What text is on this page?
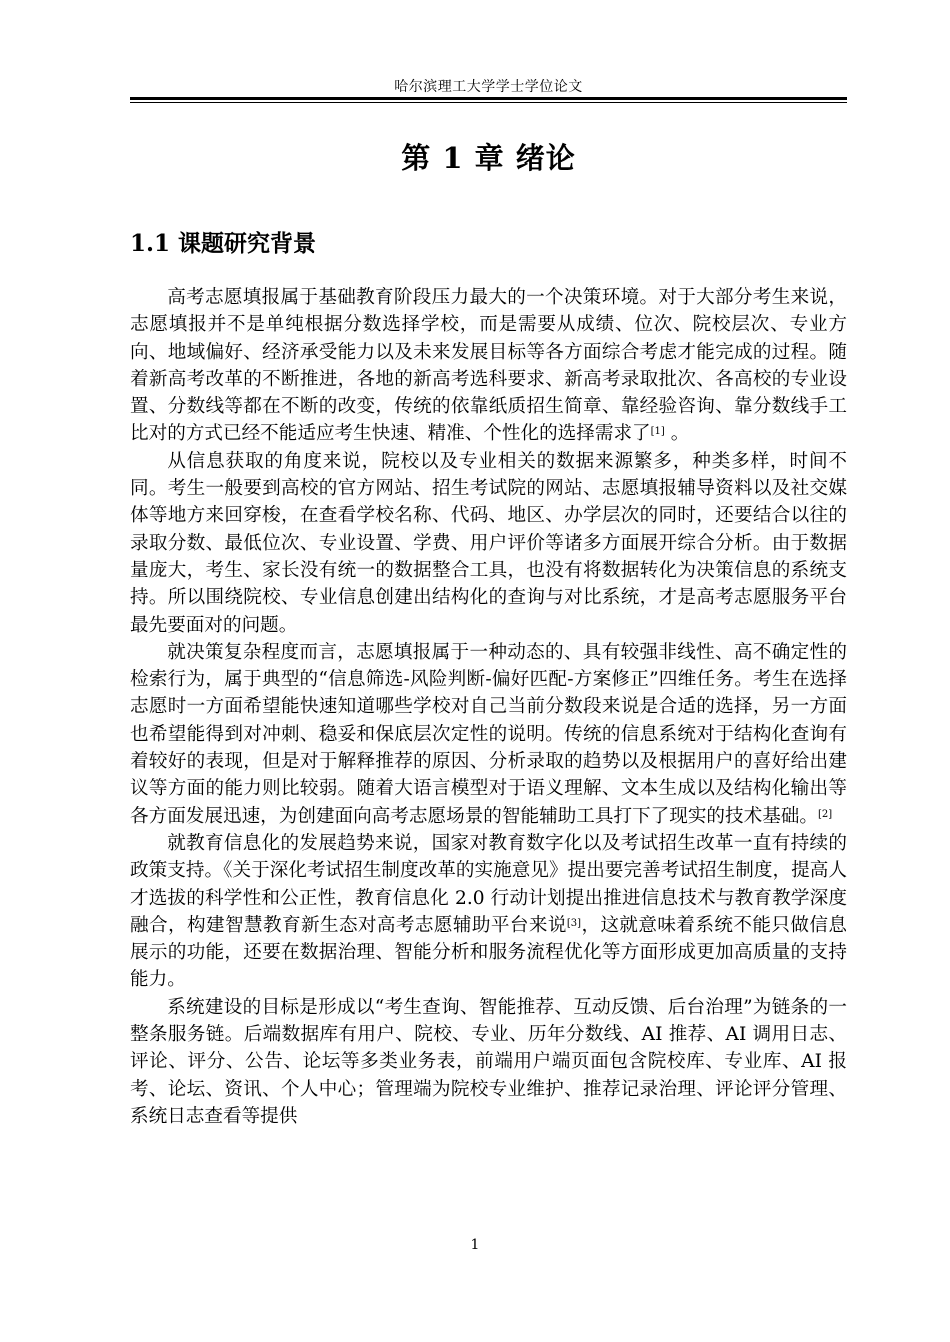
哈尔滨理工大学学士学位论文
第 1 章 绪论
1.1 课题研究背景

高考志愿填报属于基础教育阶段压力最大的一个决策环境。对于大部分考生来说，志愿填报并不是单纯根据分数选择学校，而是需要从成绩、位次、院校层次、专业方向、地域偏好、经济承受能力以及未来发展目标等各方面综合考虑才能完成的过程。随着新高考改革的不断推进，各地的新高考选科要求、新高考录取批次、各高校的专业设置、分数线等都在不断的改变，传统的依靠纸质招生简章、靠经验咨询、靠分数线手工比对的方式已经不能适应考生快速、精准、个性化的选择需求了[1] 。

从信息获取的角度来说，院校以及专业相关的数据来源繁多，种类多样，时间不同。考生一般要到高校的官方网站、招生考试院的网站、志愿填报辅导资料以及社交媒体等地方来回穿梭，在查看学校名称、代码、地区、办学层次的同时，还要结合以往的录取分数、最低位次、专业设置、学费、用户评价等诸多方面展开综合分析。由于数据量庞大，考生、家长没有统一的数据整合工具，也没有将数据转化为决策信息的系统支持。所以围绕院校、专业信息创建出结构化的查询与对比系统，才是高考志愿服务平台最先要面对的问题。

就决策复杂程度而言，志愿填报属于一种动态的、具有较强非线性、高不确定性的检索行为，属于典型的“信息筛选-风险判断-偏好匹配-方案修正”四维任务。考生在选择志愿时一方面希望能快速知道哪些学校对自己当前分数段来说是合适的选择，另一方面也希望能得到对冲刺、稳妥和保底层次定性的说明。传统的信息系统对于结构化查询有着较好的表现，但是对于解释推荐的原因、分析录取的趋势以及根据用户的喜好给出建议等方面的能力则比较弱。随着大语言模型对于语义理解、文本生成以及结构化输出等各方面发展迅速，为创建面向高考志愿场景的智能辅助工具打下了现实的技术基础。[2]

就教育信息化的发展趋势来说，国家对教育数字化以及考试招生改革一直有持续的政策支持。《关于深化考试招生制度改革的实施意见》提出要完善考试招生制度，提高人才选拔的科学性和公正性，教育信息化 2.0 行动计划提出推进信息技术与教育教学深度融合，构建智慧教育新生态对高考志愿辅助平台来说[3]，这就意味着系统不能只做信息展示的功能，还要在数据治理、智能分析和服务流程优化等方面形成更加高质量的支持能力。

系统建设的目标是形成以“考生查询、智能推荐、互动反馈、后台治理”为链条的一整条服务链。后端数据库有用户、院校、专业、历年分数线、AI 推荐、AI 调用日志、评论、评分、公告、论坛等多类业务表，前端用户端页面包含院校库、专业库、AI 报考、论坛、资讯、个人中心；管理端为院校专业维护、推荐记录治理、评论评分管理、系统日志查看等提供

1
